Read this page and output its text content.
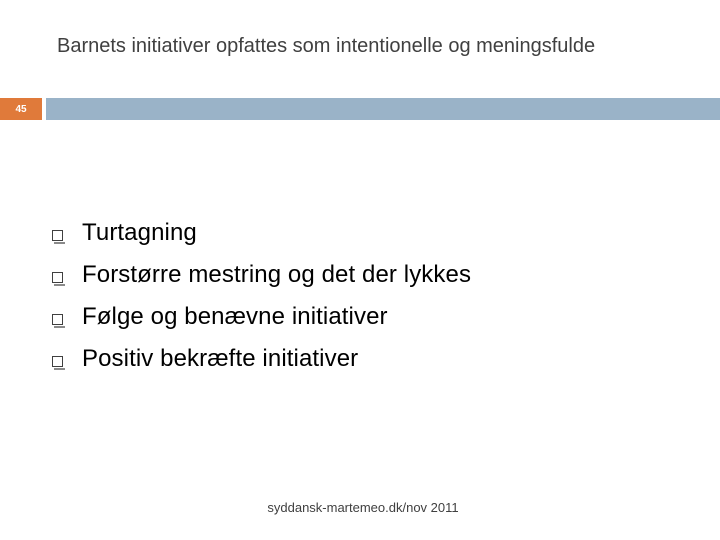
Barnets initiativer opfattes som intentionelle og meningsfulde
45
Turtagning
Forstørre mestring og det der lykkes
Følge og benævne initiativer
Positiv bekræfte initiativer
syddansk-martemeo.dk/nov 2011
